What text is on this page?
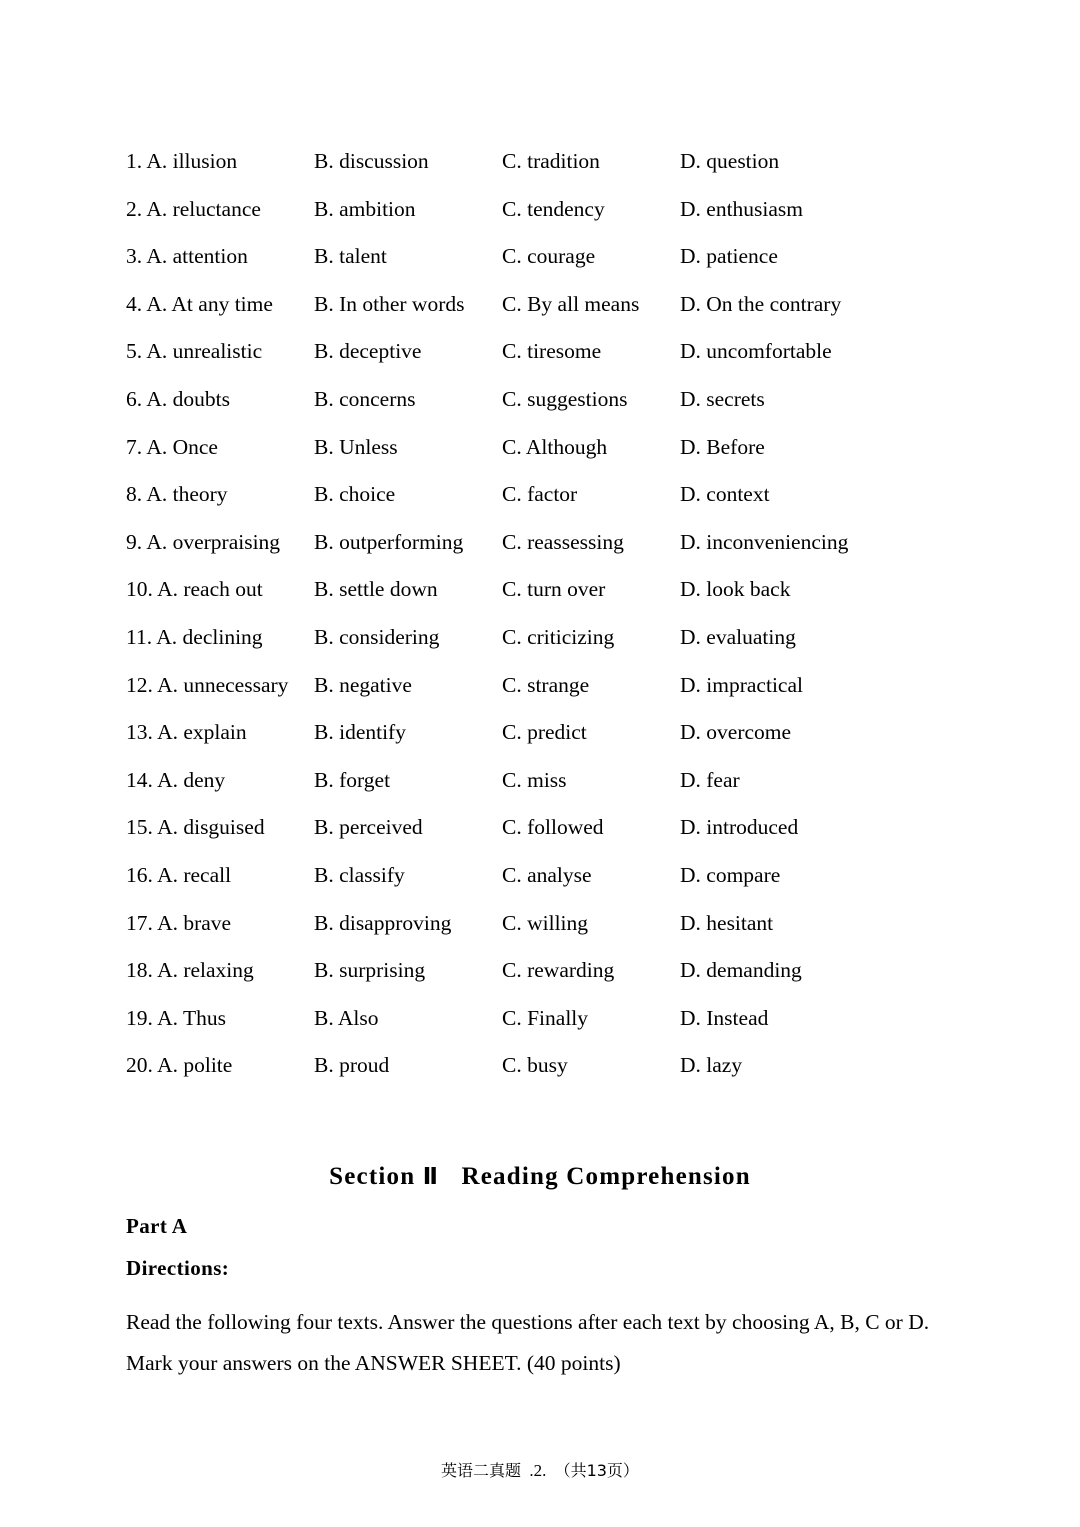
1. A. illusion	B. discussion	C. tradition	D. question
2. A. reluctance	B. ambition	C. tendency	D. enthusiasm
3. A. attention	B. talent	C. courage	D. patience
4. A. At any time	B. In other words	C. By all means	D. On the contrary
5. A. unrealistic	B. deceptive	C. tiresome	D. uncomfortable
6. A. doubts	B. concerns	C. suggestions	D. secrets
7. A. Once	B. Unless	C. Although	D. Before
8. A. theory	B. choice	C. factor	D. context
9. A. overpraising	B. outperforming	C. reassessing	D. inconveniencing
10. A. reach out	B. settle down	C. turn over	D. look back
11. A. declining	B. considering	C. criticizing	D. evaluating
12. A. unnecessary	B. negative	C. strange	D. impractical
13. A. explain	B. identify	C. predict	D. overcome
14. A. deny	B. forget	C. miss	D. fear
15. A. disguised	B. perceived	C. followed	D. introduced
16. A. recall	B. classify	C. analyse	D. compare
17. A. brave	B. disapproving	C. willing	D. hesitant
18. A. relaxing	B. surprising	C. rewarding	D. demanding
19. A. Thus	B. Also	C. Finally	D. Instead
20. A. polite	B. proud	C. busy	D. lazy
Section Ⅱ Reading Comprehension
Part A
Directions:
Read the following four texts. Answer the questions after each text by choosing A, B, C or D.
Mark your answers on the ANSWER SHEET. (40 points)
英语二真题 .2. （共13页）
